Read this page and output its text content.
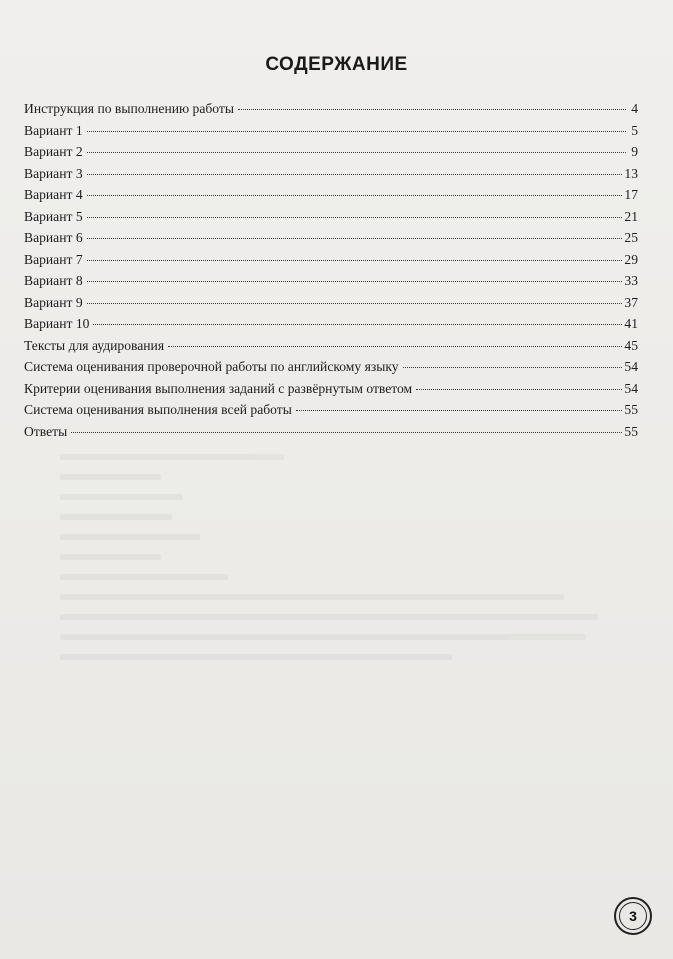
СОДЕРЖАНИЕ
Инструкция по выполнению работы	4
Вариант 1	5
Вариант 2	9
Вариант 3	13
Вариант 4	17
Вариант 5	21
Вариант 6	25
Вариант 7	29
Вариант 8	33
Вариант 9	37
Вариант 10	41
Тексты для аудирования	45
Система оценивания проверочной работы по английскому языку	54
Критерии оценивания выполнения заданий с развёрнутым ответом	54
Система оценивания выполнения всей работы	55
Ответы	55
3
